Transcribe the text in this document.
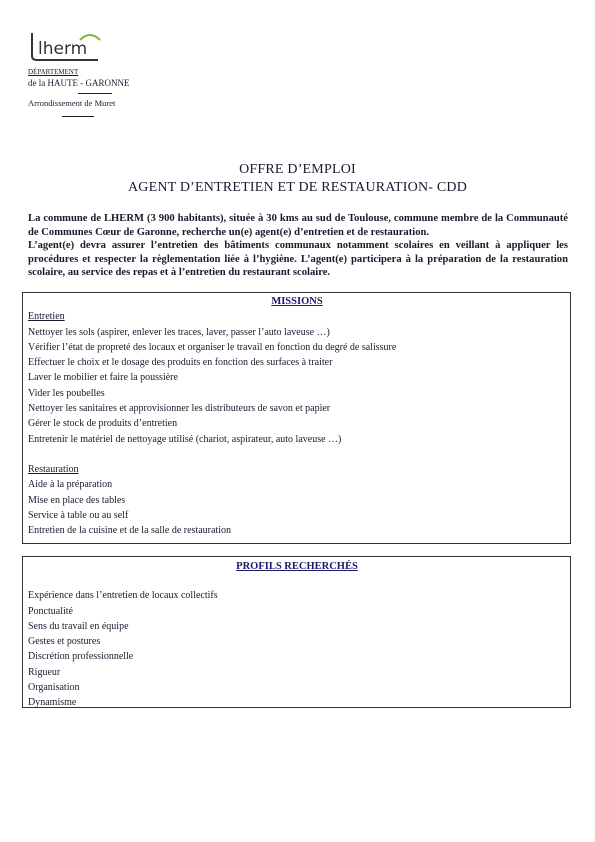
lherm
DÉPARTEMENT
de la HAUTE - GARONNE
Arrondissement de Muret
OFFRE D’EMPLOI
AGENT D’ENTRETIEN ET DE RESTAURATION- CDD

La commune de LHERM (3 900 habitants), située à 30 kms au sud de Toulouse, commune membre de la Communauté de Communes Cœur de Garonne, recherche un(e) agent(e) d’entretien et de restauration.

L’agent(e) devra assurer l’entretien des bâtiments communaux notamment scolaires en veillant à appliquer les procédures et respecter la règlementation liée à l’hygiène. L’agent(e) participera à la préparation de la restauration scolaire, au service des repas et à l’entretien du restaurant scolaire.

MISSIONS
Entretien
Nettoyer les sols (aspirer, enlever les traces, laver, passer l’auto laveuse …)
Vérifier l’état de propreté des locaux et organiser le travail en fonction du degré de salissure
Effectuer le choix et le dosage des produits en fonction des surfaces à traiter
Laver le mobilier et faire la poussière
Vider les poubelles
Nettoyer les sanitaires et approvisionner les distributeurs de savon et papier
Gérer le stock de produits d’entretien
Entretenir le matériel de nettoyage utilisé (chariot, aspirateur, auto laveuse …)
Restauration
Aide à la préparation
Mise en place des tables
Service à table ou au self
Entretien de la cuisine et de la salle de restauration
PROFILS RECHERCHÉS
Expérience dans l’entretien de locaux collectifs
Ponctualité
Sens du travail en équipe
Gestes et postures
Discrétion professionnelle
Rigueur
Organisation
Dynamisme
